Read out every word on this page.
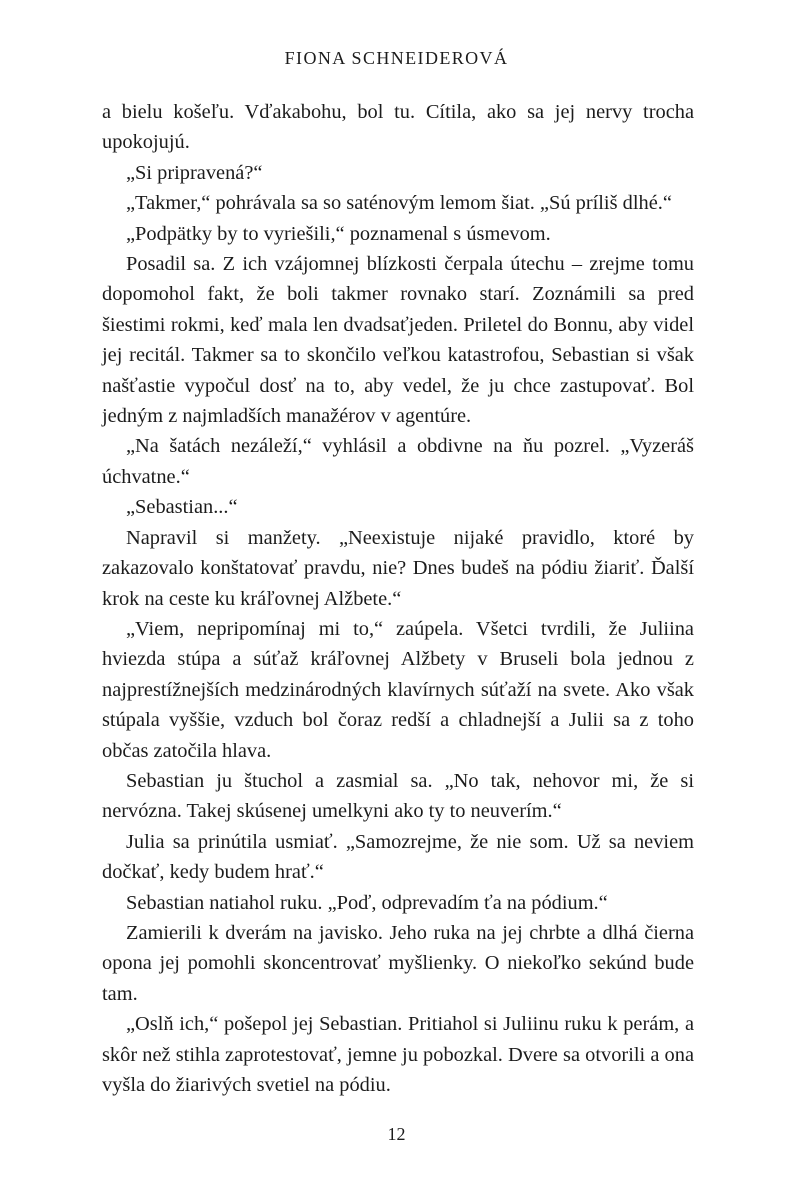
FIONA SCHNEIDEROVÁ

a bielu košeľu. Vďakabohu, bol tu. Cítila, ako sa jej nervy trocha upokojujú.

„Si pripravená?“

„Takmer,“ pohrávala sa so saténovým lemom šiat. „Sú príliš dlhé.“

„Podpätky by to vyriešili,“ poznamenal s úsmevom.

Posadil sa. Z ich vzájomnej blízkosti čerpala útechu – zrejme tomu dopomohol fakt, že boli takmer rovnako starí. Zoznámili sa pred šiestimi rokmi, keď mala len dvadsaťjeden. Priletel do Bonnu, aby videl jej recitál. Takmer sa to skončilo veľkou katastrofou, Sebastian si však našťastie vypočul dosť na to, aby vedel, že ju chce zastupovať. Bol jedným z najmladších manažérov v agentúre.

„Na šatách nezáleží,“ vyhlásil a obdivne na ňu pozrel. „Vyzeráš úchvatne.“

„Sebastian...“

Napravil si manžety. „Neexistuje nijaké pravidlo, ktoré by zakazovalo konštatovať pravdu, nie? Dnes budeš na pódiu žiariť. Ďalší krok na ceste ku kráľovnej Alžbete.“

„Viem, nepripomínaj mi to,“ zaúpela. Všetci tvrdili, že Juliina hviezda stúpa a súťaž kráľovnej Alžbety v Bruseli bola jednou z najprestížnejších medzinárodných klavírnych súťaží na svete. Ako však stúpala vyššie, vzduch bol čoraz redší a chladnejší a Julii sa z toho občas zatočila hlava.

Sebastian ju štuchol a zasmial sa. „No tak, nehovor mi, že si nervózna. Takej skúsenej umelkyni ako ty to neuverím.“

Julia sa prinútila usmiať. „Samozrejme, že nie som. Už sa neviem dočkať, kedy budem hrať.“

Sebastian natiahol ruku. „Poď, odprevadím ťa na pódium.“

Zamierili k dverám na javisko. Jeho ruka na jej chrbte a dlhá čierna opona jej pomohli skoncentrovať myšlienky. O niekoľko sekúnd bude tam.

„Oslň ich,“ pošepol jej Sebastian. Pritiahol si Juliinu ruku k perám, a skôr než stihla zaprotestovať, jemne ju pobozkal. Dvere sa otvorili a ona vyšla do žiarivých svetiel na pódiu.

12
